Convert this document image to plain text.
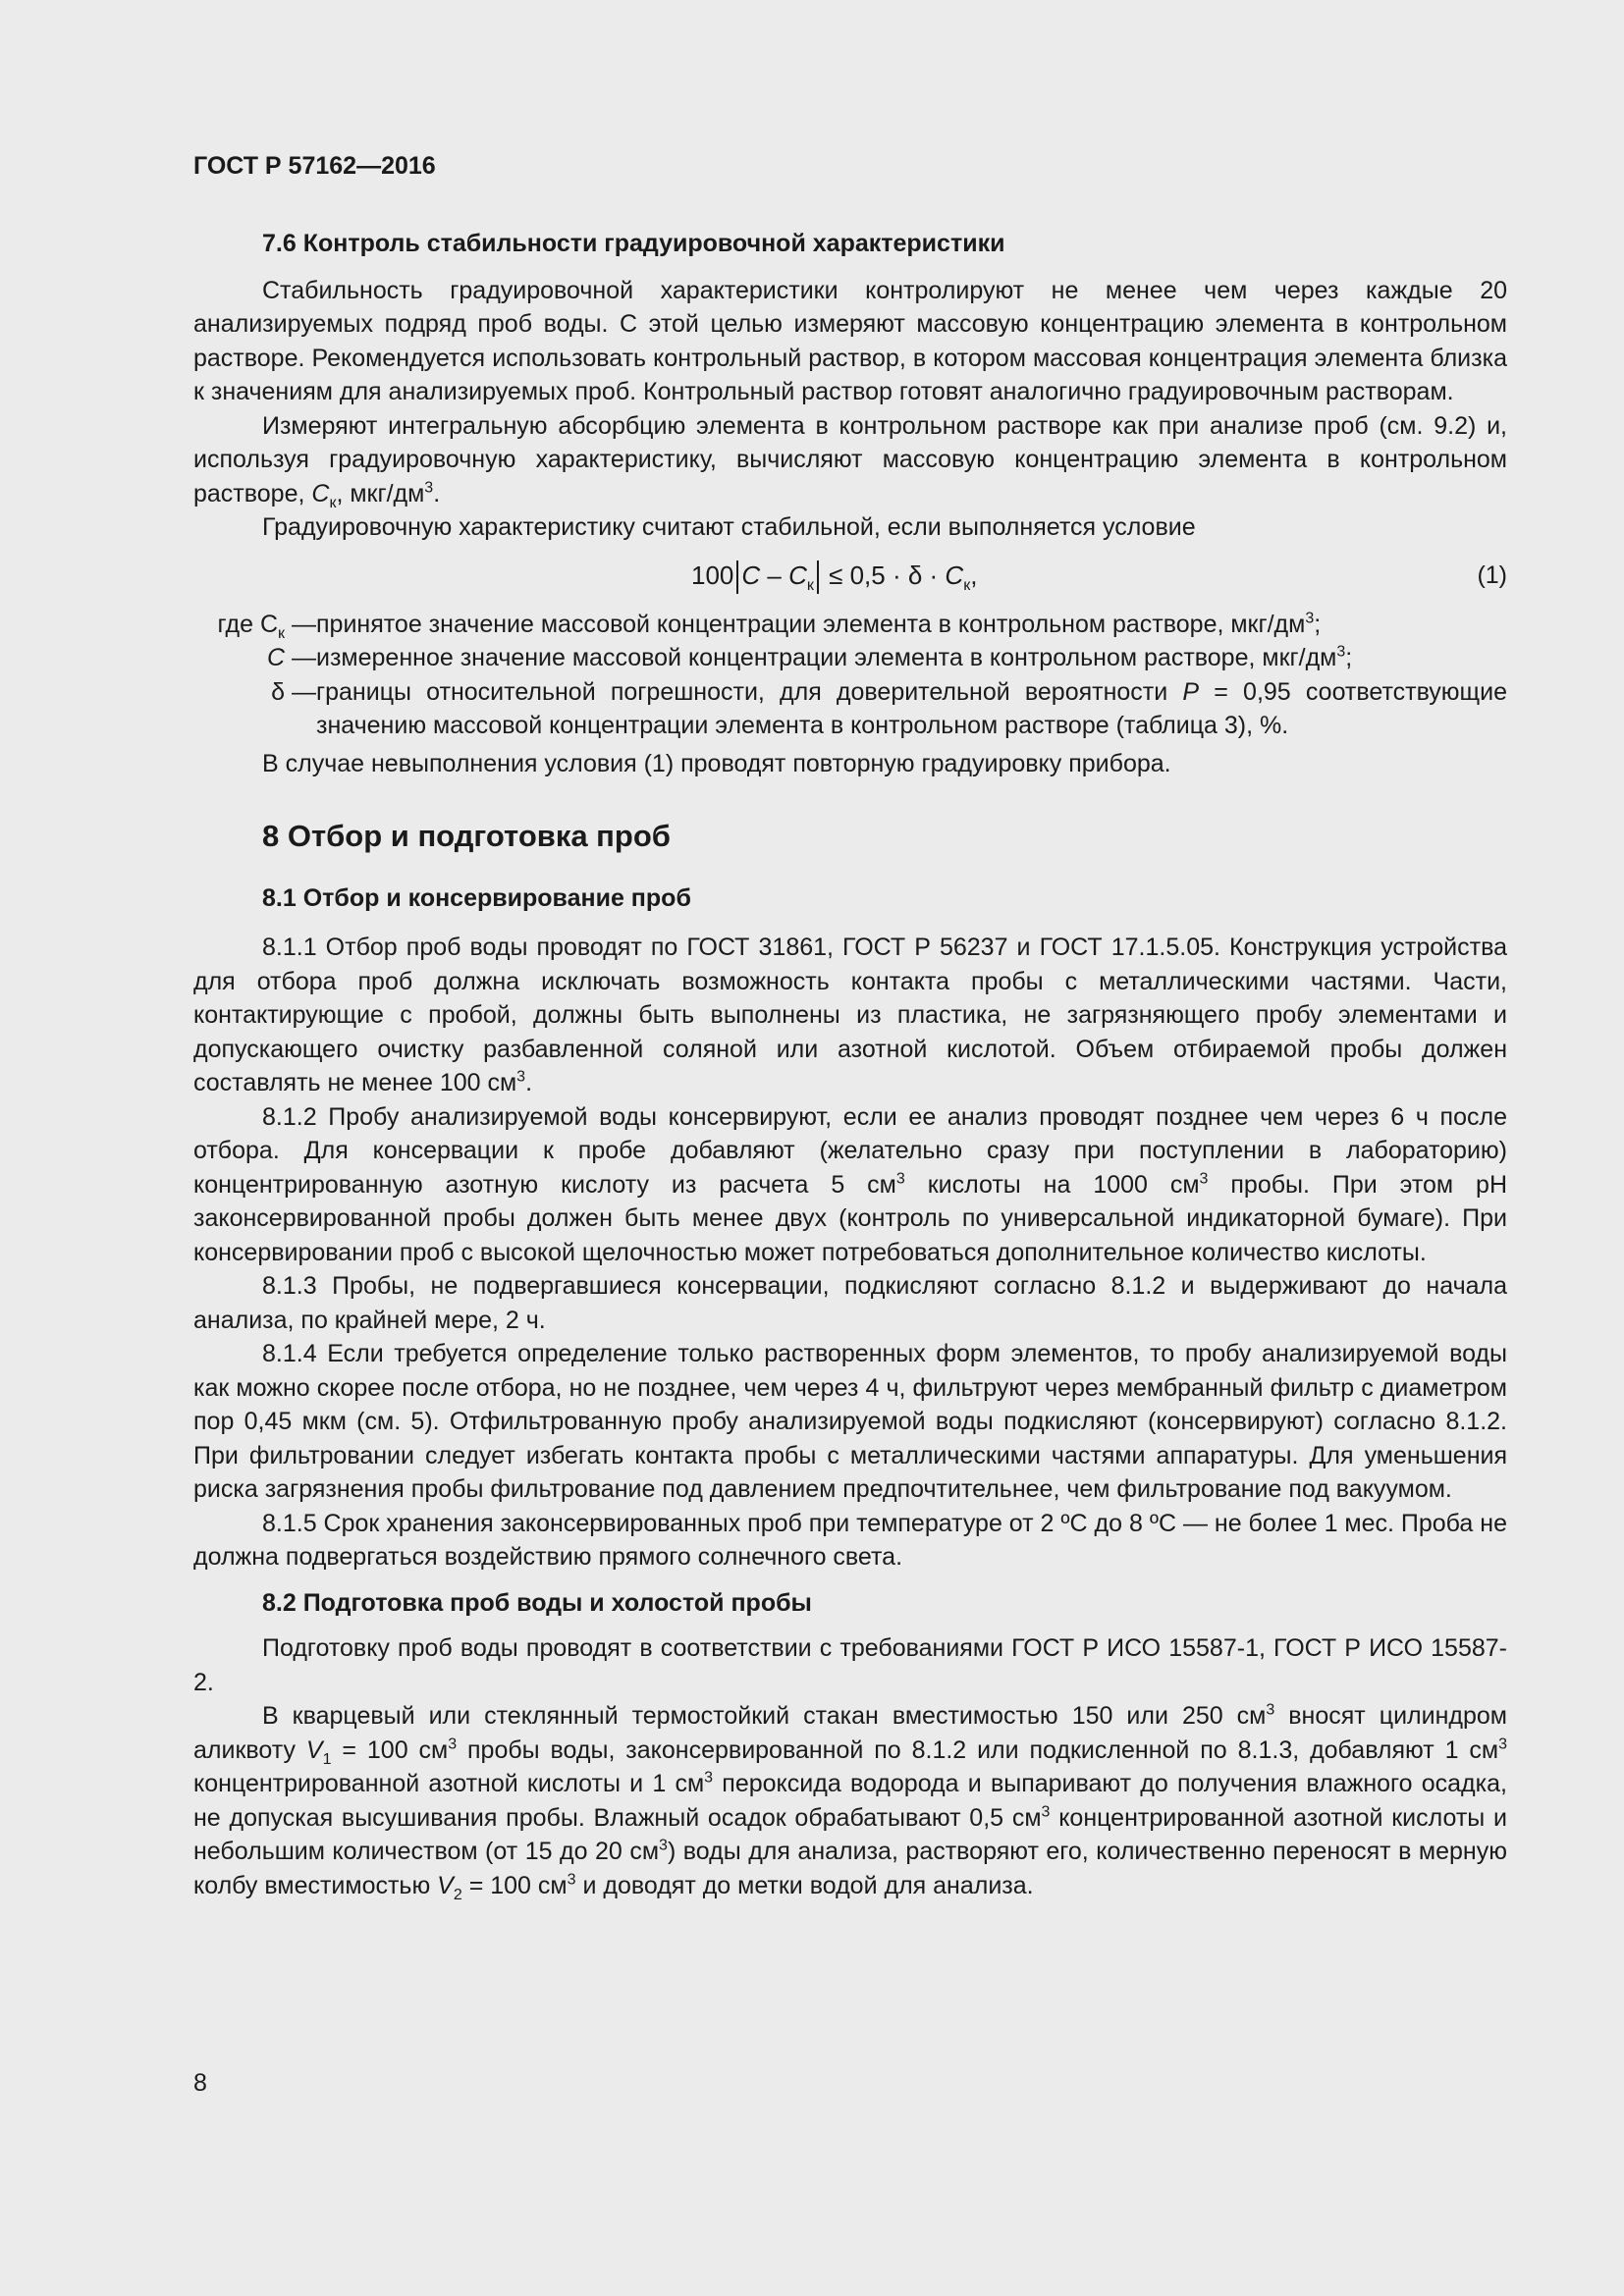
ГОСТ Р 57162—2016
7.6 Контроль стабильности градуировочной характеристики

Стабильность градуировочной характеристики контролируют не менее чем через каждые 20 анализируемых подряд проб воды. С этой целью измеряют массовую концентрацию элемента в контрольном растворе. Рекомендуется использовать контрольный раствор, в котором массовая концентрация элемента близка к значениям для анализируемых проб. Контрольный раствор готовят аналогично градуировочным растворам.

Измеряют интегральную абсорбцию элемента в контрольном растворе как при анализе проб (см. 9.2) и, используя градуировочную характеристику, вычисляют массовую концентрацию элемента в контрольном растворе, $C_к$, мкг/$дм^3$.

Градуировочную характеристику считают стабильной, если выполняется условие

100 $C - C_к \le 0,5 \cdot \delta \cdot C_к$,	(1)
где $C_к$ — принятое значение массовой концентрации элемента в контрольном растворе, мкг/$дм^3$;
C — измеренное значение массовой концентрации элемента в контрольном растворе, мкг/$дм^3$;
δ — границы относительной погрешности, для доверительной вероятности P = 0,95 соответствующие значению массовой концентрации элемента в контрольном растворе (таблица 3), %.

В случае невыполнения условия (1) проводят повторную градуировку прибора.

8 Отбор и подготовка проб
8.1 Отбор и консервирование проб

8.1.1 Отбор проб воды проводят по ГОСТ 31861, ГОСТ Р 56237 и ГОСТ 17.1.5.05. Конструкция устройства для отбора проб должна исключать возможность контакта пробы с металлическими частями. Части, контактирующие с пробой, должны быть выполнены из пластика, не загрязняющего пробу элементами и допускающего очистку разбавленной соляной или азотной кислотой. Объем отбираемой пробы должен составлять не менее 100 $см^3$.

8.1.2 Пробу анализируемой воды консервируют, если ее анализ проводят позднее чем через 6 ч после отбора. Для консервации к пробе добавляют (желательно сразу при поступлении в лабораторию) концентрированную азотную кислоту из расчета 5 $см^3$ кислоты на 1000 $см^3$ пробы. При этом pH законсервированной пробы должен быть менее двух (контроль по универсальной индикаторной бумаге). При консервировании проб с высокой щелочностью может потребоваться дополнительное количество кислоты.

8.1.3 Пробы, не подвергавшиеся консервации, подкисляют согласно 8.1.2 и выдерживают до начала анализа, по крайней мере, 2 ч.

8.1.4 Если требуется определение только растворенных форм элементов, то пробу анализируемой воды как можно скорее после отбора, но не позднее, чем через 4 ч, фильтруют через мембранный фильтр с диаметром пор 0,45 мкм (см. 5). Отфильтрованную пробу анализируемой воды подкисляют (консервируют) согласно 8.1.2. При фильтровании следует избегать контакта пробы с металлическими частями аппаратуры. Для уменьшения риска загрязнения пробы фильтрование под давлением предпочтительнее, чем фильтрование под вакуумом.

8.1.5 Срок хранения законсервированных проб при температуре от 2 ºC до 8 ºC — не более 1 мес. Проба не должна подвергаться воздействию прямого солнечного света.

8.2 Подготовка проб воды и холостой пробы

Подготовку проб воды проводят в соответствии с требованиями ГОСТ Р ИСО 15587-1, ГОСТ Р ИСО 15587-2.

В кварцевый или стеклянный термостойкий стакан вместимостью 150 или 250 $см^3$ вносят цилиндром аликвоту $V_1 = 100$ $см^3$ пробы воды, законсервированной по 8.1.2 или подкисленной по 8.1.3, добавляют 1 $см^3$ концентрированной азотной кислоты и 1 $см^3$ пероксида водорода и выпаривают до получения влажного осадка, не допуская высушивания пробы. Влажный осадок обрабатывают 0,5 $см^3$ концентрированной азотной кислоты и небольшим количеством (от 15 до 20 $см^3$) воды для анализа, растворяют его, количественно переносят в мерную колбу вместимостью $V_2 = 100$ $см^3$ и доводят до метки водой для анализа.

8
